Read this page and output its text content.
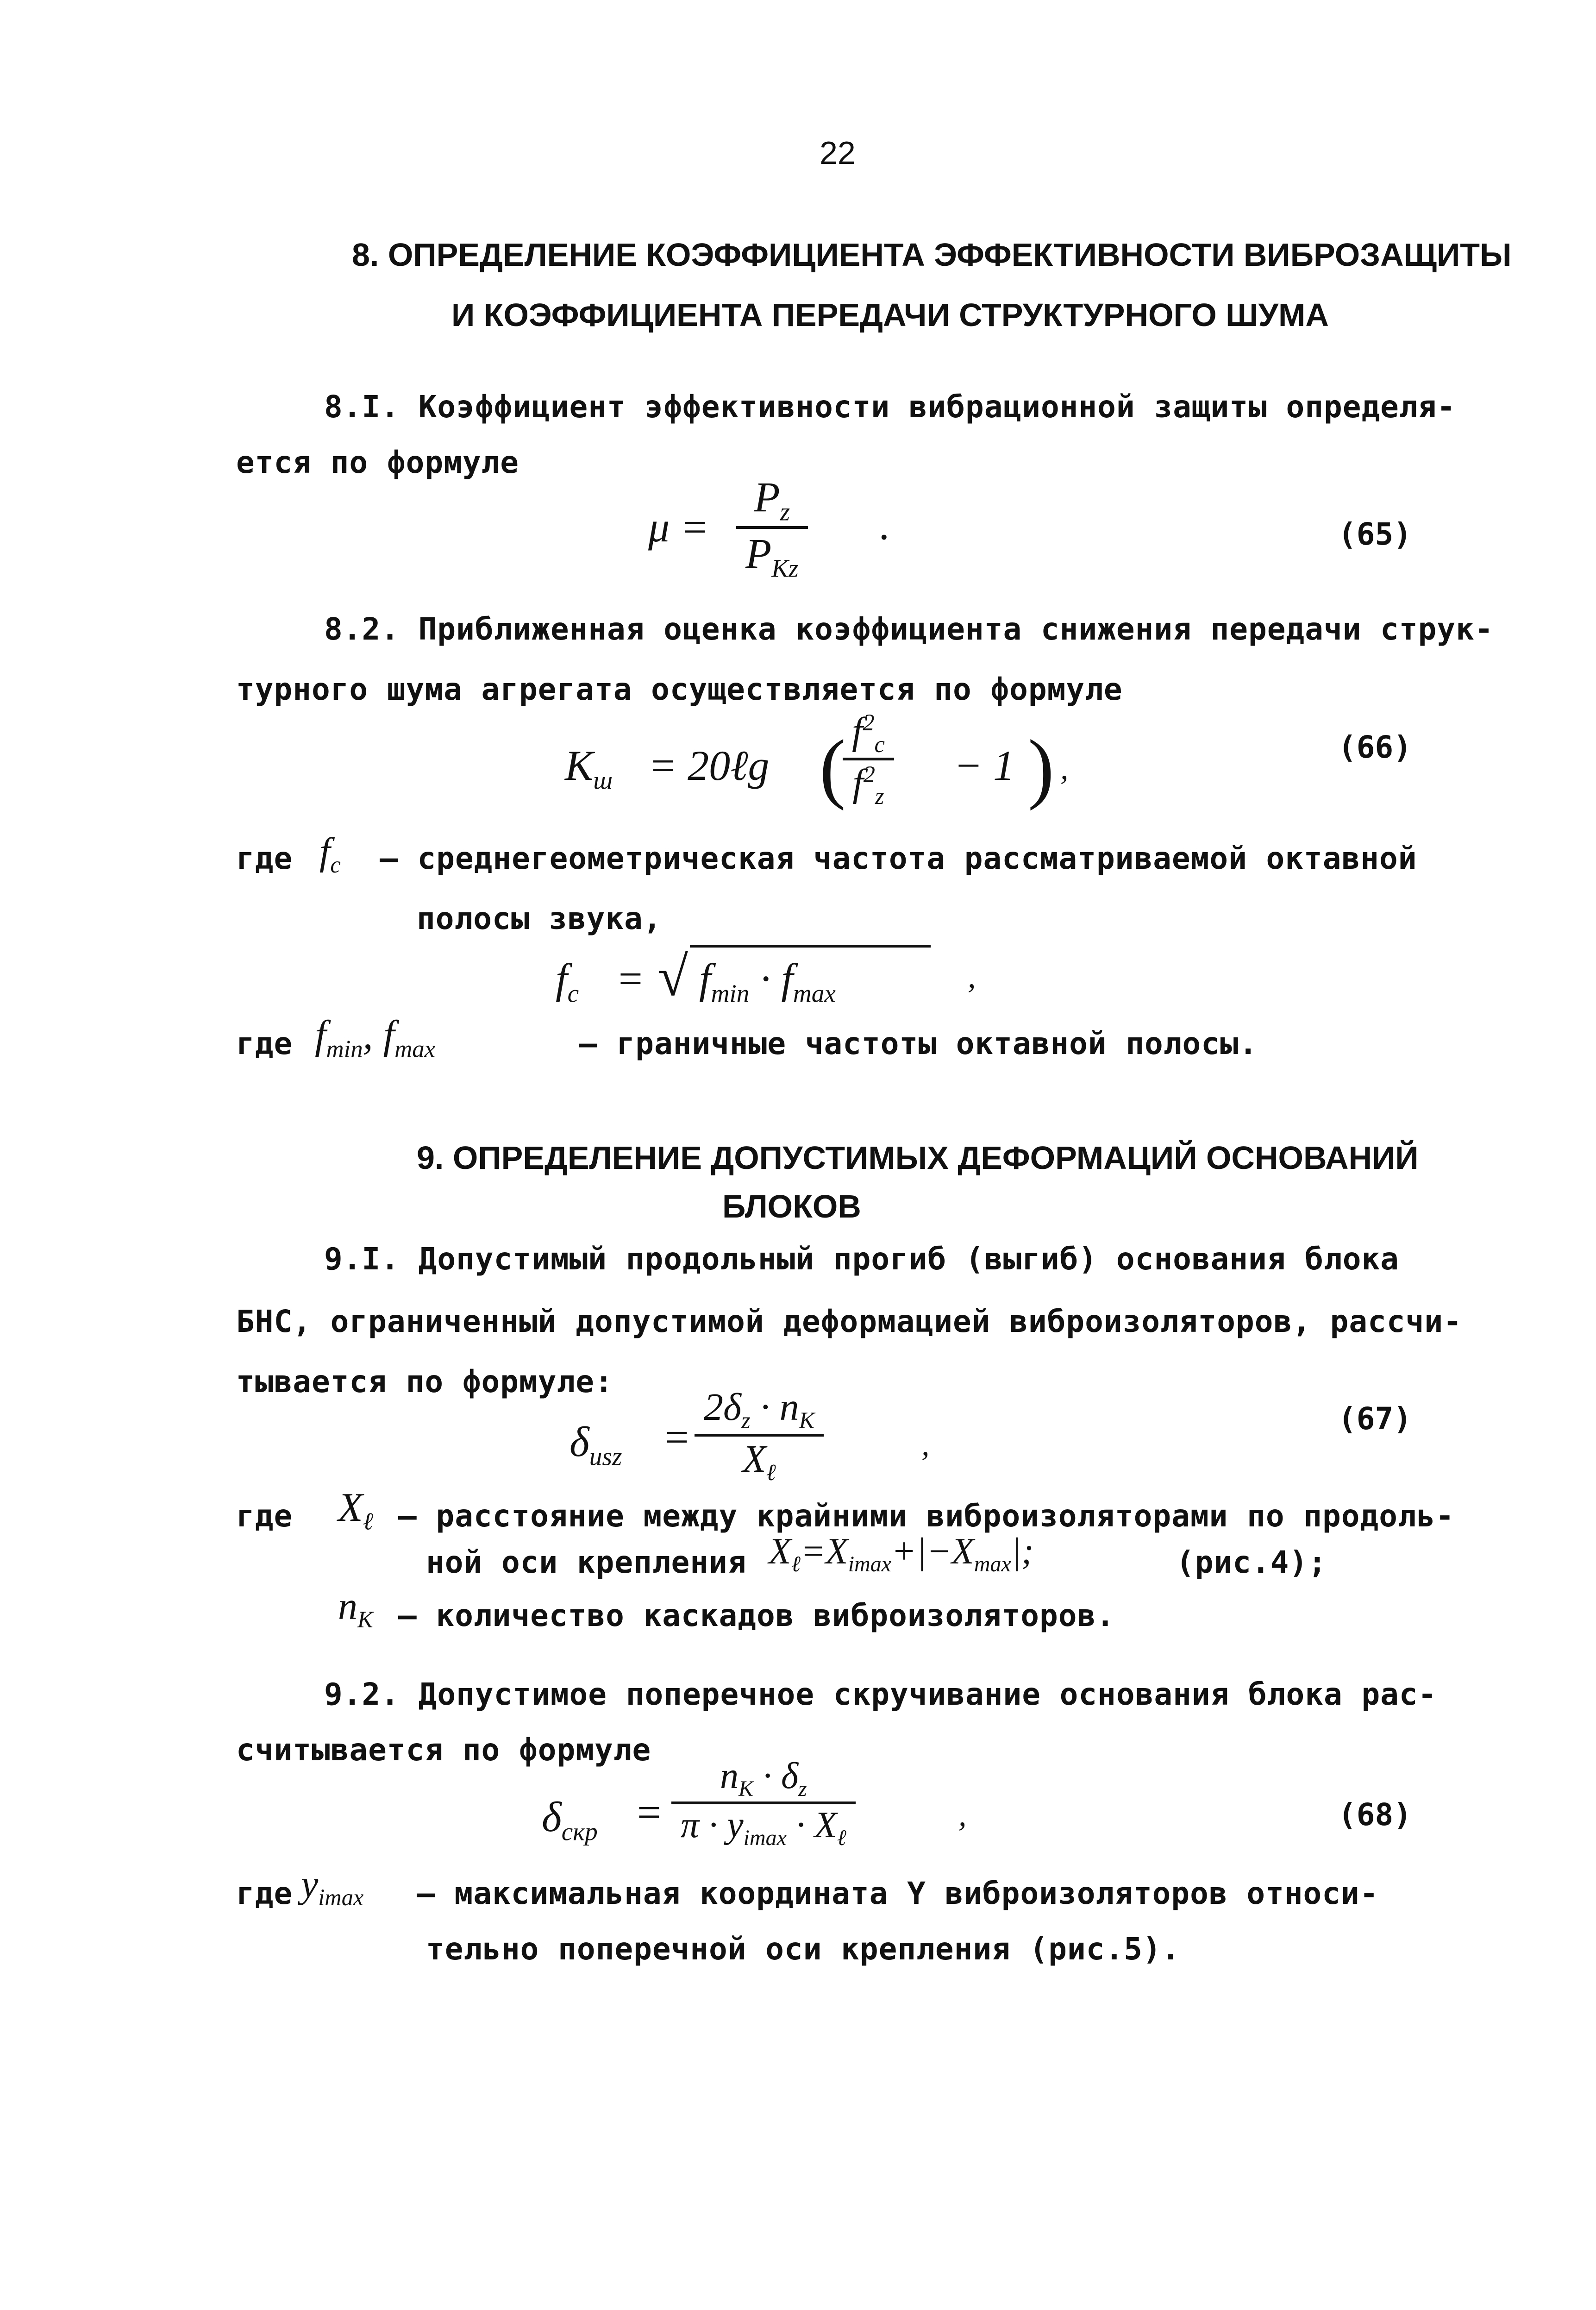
22
8. ОПРЕДЕЛЕНИЕ КОЭФФИЦИЕНТА ЭФФЕКТИВНОСТИ ВИБРОЗАЩИТЫ
И КОЭФФИЦИЕНТА ПЕРЕДАЧИ СТРУКТУРНОГО ШУМА
8.I. Коэффициент эффективности вибрационной защиты определя-
ется по формуле
μ =
$P_z$
$P_{Kz}$
.	(65)
8.2. Приближенная оценка коэффициента снижения передачи струк-
турного шума агрегата осуществляется по формуле
$K_ш$ = 20ℓg (
$\frac{f^2_c}{f^2_z} - 1$ ) ,
(66)
где $f_c$ – среднегеометрическая частота рассматриваемой октавной
полосы звука,
$f_c$ = √ $f_{min} \cdot f_{max}$	,
где $f_{min}$, $f_{max}$	– граничные частоты октавной полосы.
9. ОПРЕДЕЛЕНИЕ ДОПУСТИМЫХ ДЕФОРМАЦИЙ ОСНОВАНИЙ
БЛОКОВ
9.I. Допустимый продольный прогиб (выгиб) основания блока
БНС, ограниченный допустимой деформацией виброизоляторов, рассчи-
тывается по формуле:
$\delta_{usz}$ =
$2\delta_z \cdot n_K$
$X_\ell$
,
(67)
где $X_\ell$ – расстояние между крайними виброизоляторами по продоль-
ной оси крепления $X_\ell=X_{imax}+|-X_{max}|$;	(рис.4);
$n_K$ – количество каскадов виброизоляторов.
9.2. Допустимое поперечное скручивание основания блока рас-
считывается по формуле
$\delta_{скр}$ =
$n_K \cdot \delta_z$
$\pi \cdot y_{imax} \cdot X_\ell$
,	(68)
где $y_{imax}$ – максимальная координата Y виброизоляторов относи-
тельно поперечной оси крепления (рис.5).
